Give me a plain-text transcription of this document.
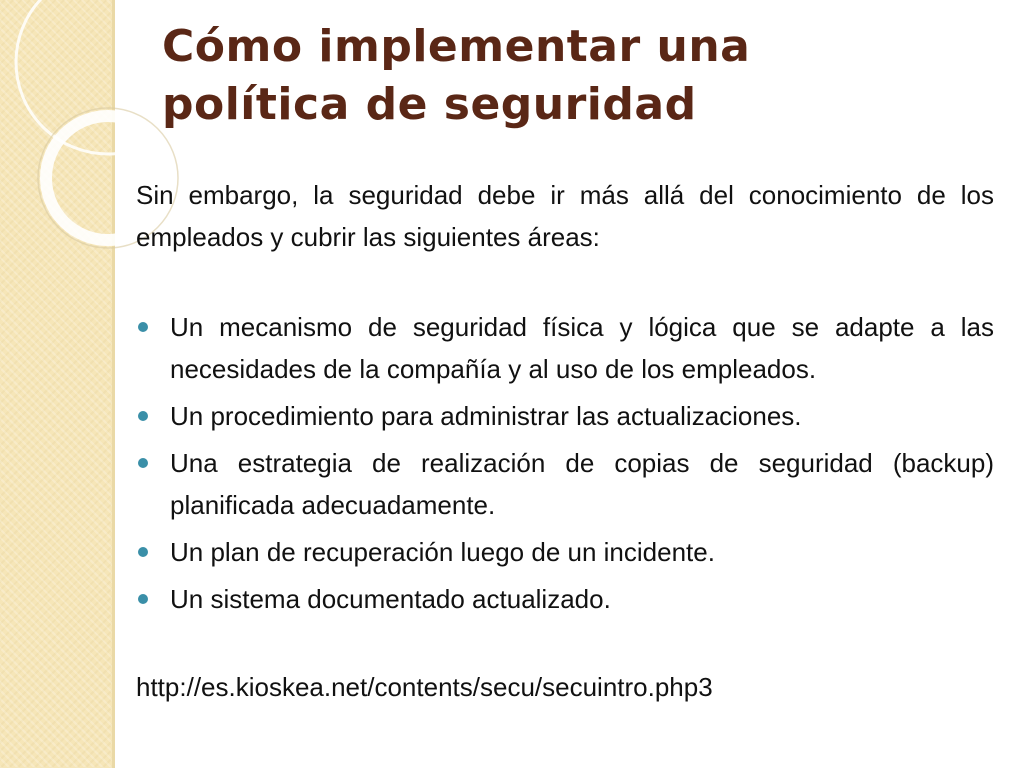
Cómo implementar una
política de seguridad

Sin embargo, la seguridad debe ir más allá del conocimiento de los empleados y cubrir las siguientes áreas:

Un mecanismo de seguridad física y lógica que se adapte a las necesidades de la compañía y al uso de los empleados.
Un procedimiento para administrar las actualizaciones.
Una estrategia de realización de copias de seguridad (backup) planificada adecuadamente.
Un plan de recuperación luego de un incidente.
Un sistema documentado actualizado.

http://es.kioskea.net/contents/secu/secuintro.php3
